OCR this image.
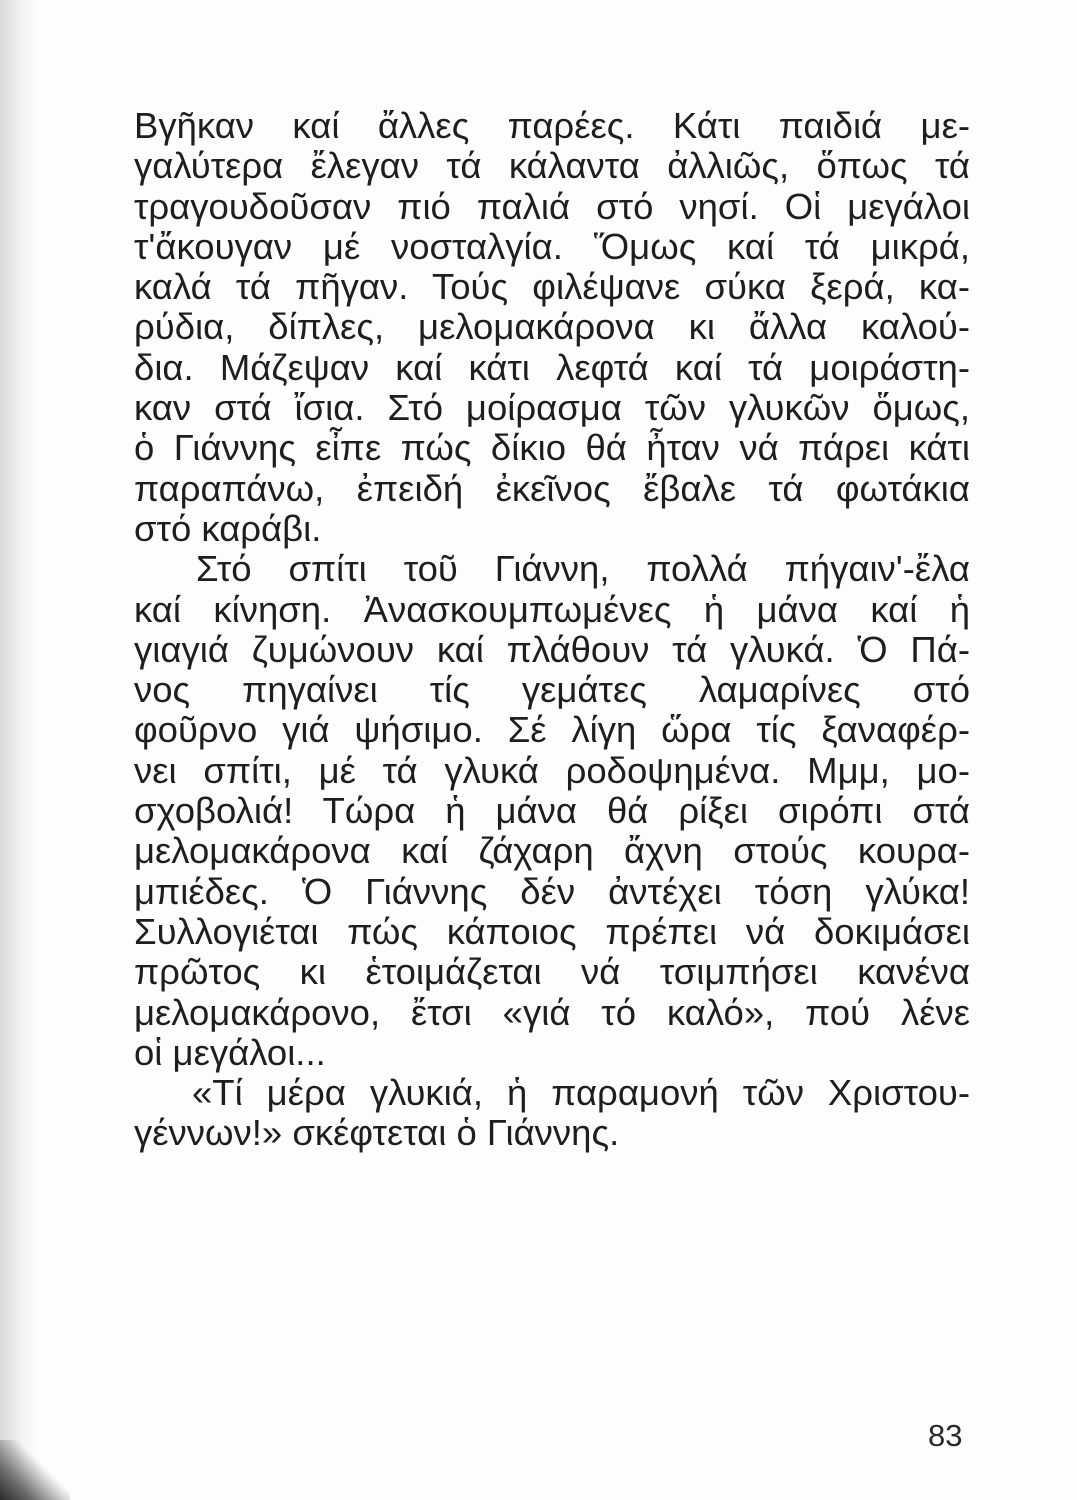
Βγῆκαν καί ἄλλες παρέες. Κάτι παιδιά με-
γαλύτερα ἔλεγαν τά κάλαντα ἀλλιῶς, ὅπως τά
τραγουδοῦσαν πιό παλιά στό νησί. Οἱ μεγάλοι
τ'ἄκουγαν μέ νοσταλγία. Ὅμως καί τά μικρά,
καλά τά πῆγαν. Τούς φιλέψανε σύκα ξερά, κα-
ρύδια, δίπλες, μελομακάρονα κι ἄλλα καλού-
δια. Μάζεψαν καί κάτι λεφτά καί τά μοιράστη-
καν στά ἴσια. Στό μοίρασμα τῶν γλυκῶν ὅμως,
ὁ Γιάννης εἶπε πώς δίκιο θά ἦταν νά πάρει κάτι
παραπάνω, ἐπειδή ἐκεῖνος ἔβαλε τά φωτάκια
στό καράβι.
Στό σπίτι τοῦ Γιάννη, πολλά πήγαιν'-ἔλα
καί κίνηση. Ἀνασκουμπωμένες ἡ μάνα καί ἡ
γιαγιά ζυμώνουν καί πλάθουν τά γλυκά. Ὁ Πά-
νος πηγαίνει τίς γεμάτες λαμαρίνες στό
φοῦρνο γιά ψήσιμο. Σέ λίγη ὥρα τίς ξαναφέρ-
νει σπίτι, μέ τά γλυκά ροδοψημένα. Μμμ, μο-
σχοβολιά! Τώρα ἡ μάνα θά ρίξει σιρόπι στά
μελομακάρονα καί ζάχαρη ἄχνη στούς κουρα-
μπιέδες. Ὁ Γιάννης δέν ἀντέχει τόση γλύκα!
Συλλογιέται πώς κάποιος πρέπει νά δοκιμάσει
πρῶτος κι ἑτοιμάζεται νά τσιμπήσει κανένα
μελομακάρονο, ἔτσι «γιά τό καλό», πού λένε
οἱ μεγάλοι...
«Τί μέρα γλυκιά, ἡ παραμονή τῶν Χριστου-
γέννων!» σκέφτεται ὁ Γιάννης.
83
